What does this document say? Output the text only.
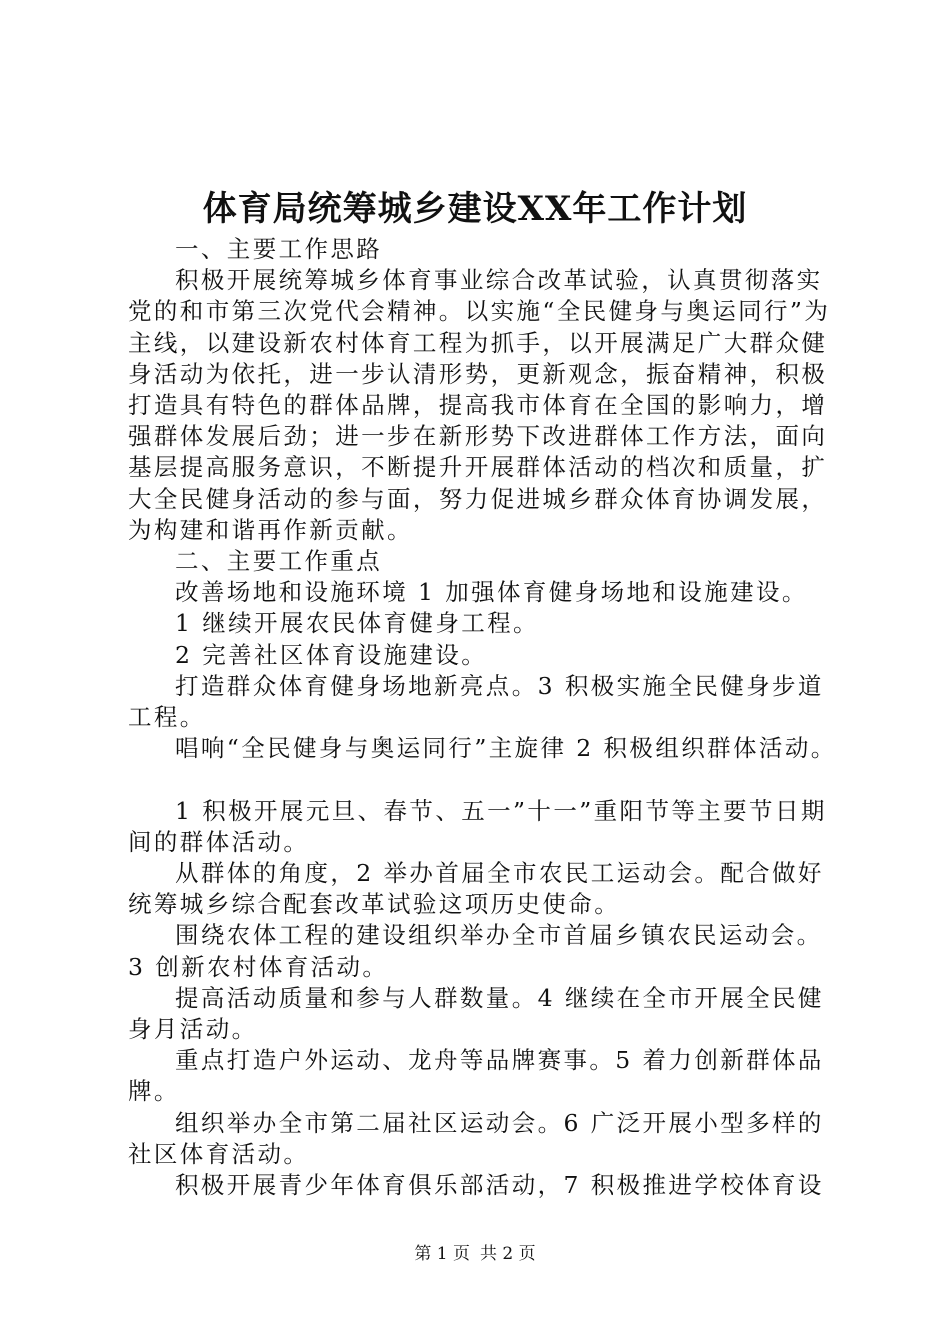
体育局统筹城乡建设XX年工作计划

一、主要工作思路

积极开展统筹城乡体育事业综合改革试验，认真贯彻落实党的和市第三次党代会精神。以实施“全民健身与奥运同行”为主线，以建设新农村体育工程为抓手，以开展满足广大群众健身活动为依托，进一步认清形势，更新观念，振奋精神，积极打造具有特色的群体品牌，提高我市体育在全国的影响力，增强群体发展后劲；进一步在新形势下改进群体工作方法，面向基层提高服务意识，不断提升开展群体活动的档次和质量，扩大全民健身活动的参与面，努力促进城乡群众体育协调发展，为构建和谐再作新贡献。

二、主要工作重点

改善场地和设施环境 1 加强体育健身场地和设施建设。

1 继续开展农民体育健身工程。

2 完善社区体育设施建设。

打造群众体育健身场地新亮点。3 积极实施全民健身步道工程。

唱响“全民健身与奥运同行”主旋律 2 积极组织群体活动。

1 积极开展元旦、春节、五一”十一”重阳节等主要节日期间的群体活动。

从群体的角度，2 举办首届全市农民工运动会。配合做好统筹城乡综合配套改革试验这项历史使命。

围绕农体工程的建设组织举办全市首届乡镇农民运动会。3 创新农村体育活动。

提高活动质量和参与人群数量。4 继续在全市开展全民健身月活动。

重点打造户外运动、龙舟等品牌赛事。5 着力创新群体品牌。

组织举办全市第二届社区运动会。6 广泛开展小型多样的社区体育活动。

积极开展青少年体育俱乐部活动，7 积极推进学校体育设

第 1 页 共 2 页
